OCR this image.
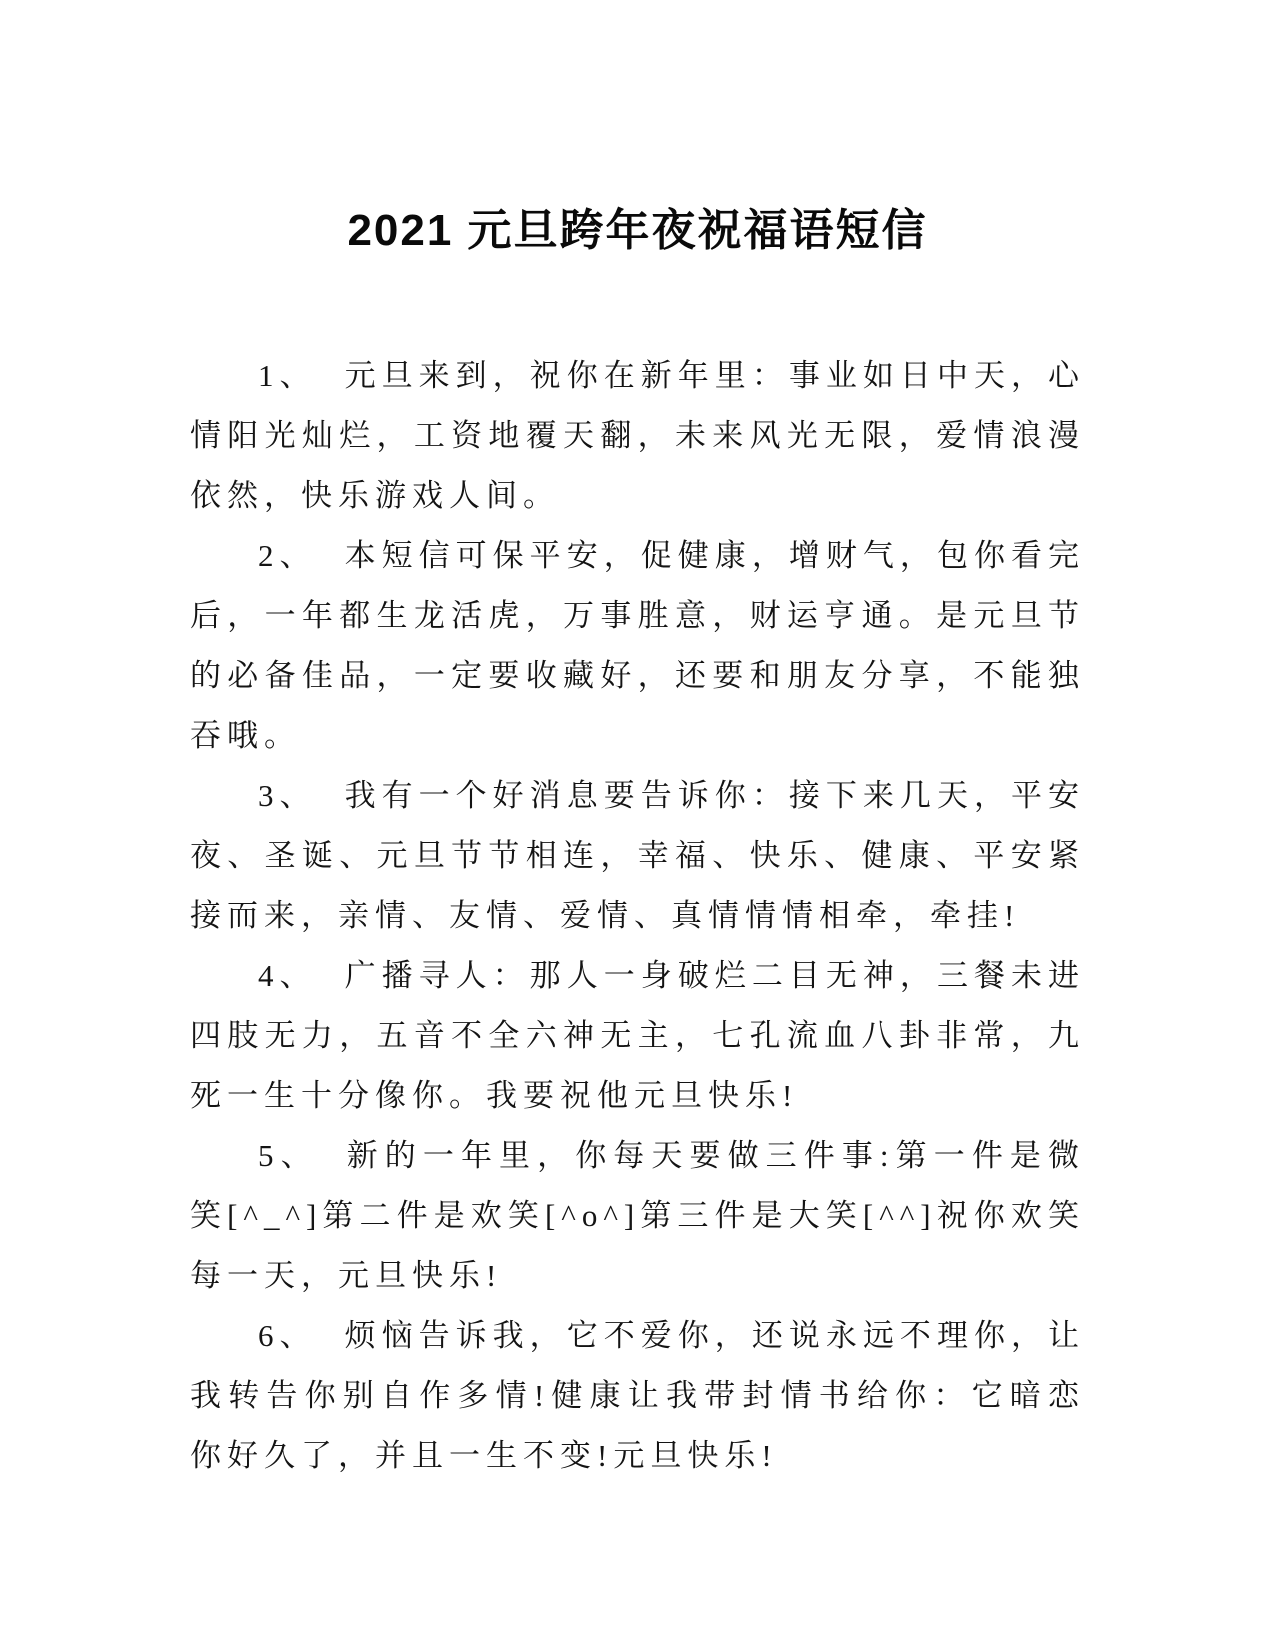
2021 元旦跨年夜祝福语短信

1、 元旦来到，祝你在新年里：事业如日中天，心情阳光灿烂，工资地覆天翻，未来风光无限，爱情浪漫依然，快乐游戏人间。

2、 本短信可保平安，促健康，增财气，包你看完后，一年都生龙活虎，万事胜意，财运亨通。是元旦节的必备佳品，一定要收藏好，还要和朋友分享，不能独吞哦。

3、 我有一个好消息要告诉你：接下来几天，平安夜、圣诞、元旦节节相连，幸福、快乐、健康、平安紧接而来，亲情、友情、爱情、真情情情相牵，牵挂!

4、 广播寻人：那人一身破烂二目无神，三餐未进四肢无力，五音不全六神无主，七孔流血八卦非常，九死一生十分像你。我要祝他元旦快乐!

5、 新的一年里，你每天要做三件事:第一件是微笑[^_^]第二件是欢笑[^o^]第三件是大笑[^^]祝你欢笑每一天，元旦快乐!

6、 烦恼告诉我，它不爱你，还说永远不理你，让我转告你别自作多情!健康让我带封情书给你：它暗恋你好久了，并且一生不变!元旦快乐!
